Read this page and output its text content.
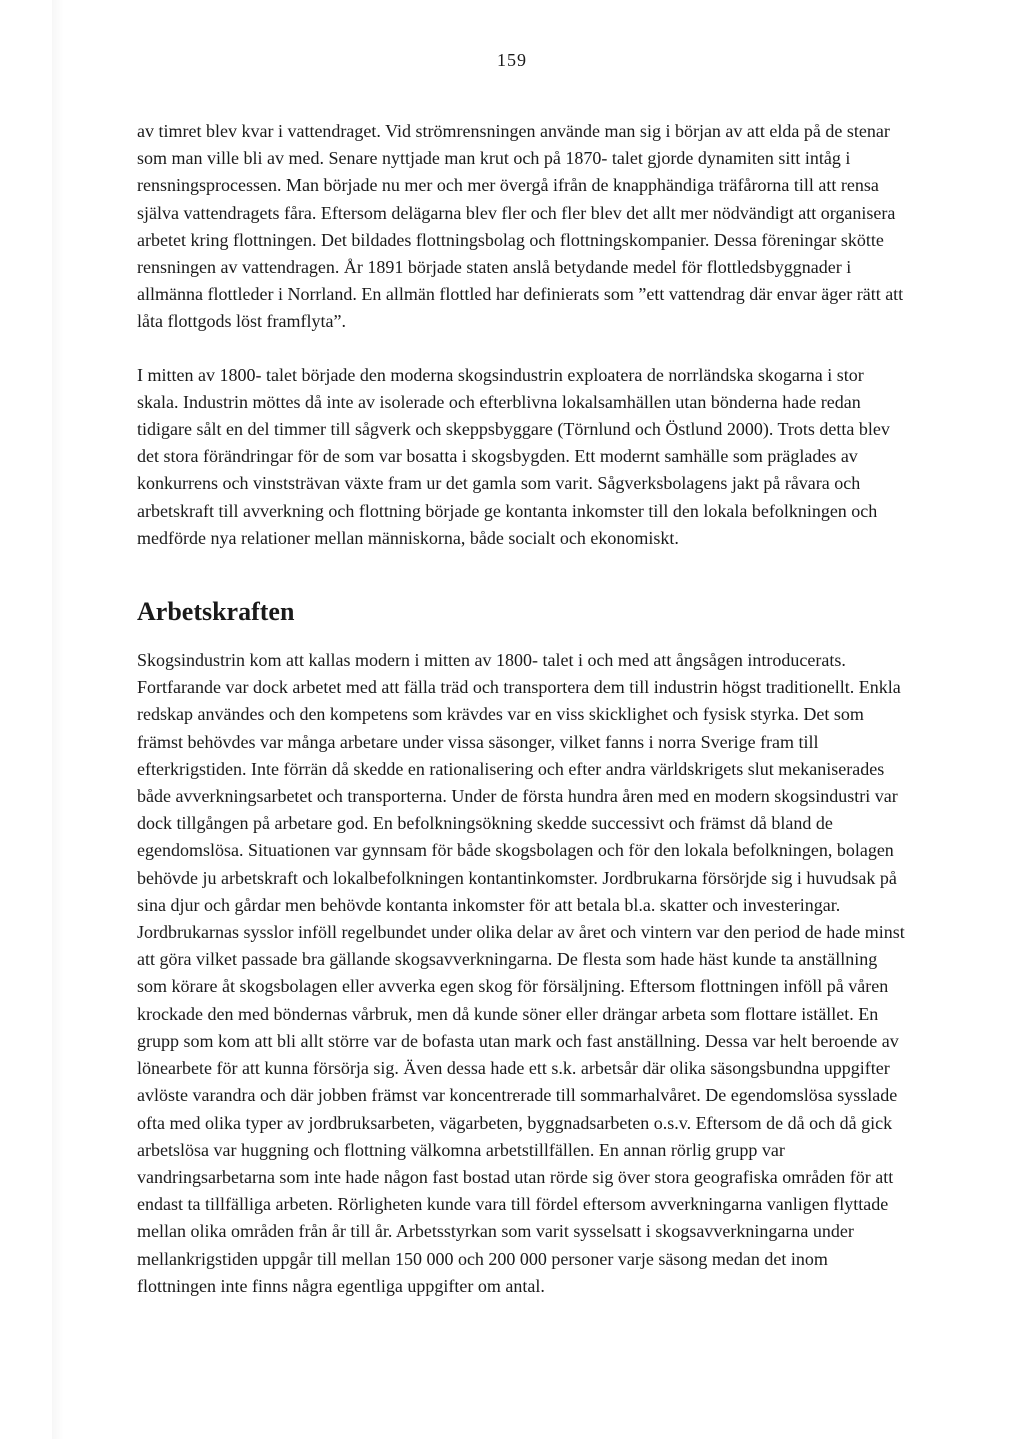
159

av timret blev kvar i vattendraget. Vid strömrensningen använde man sig i början av att elda på de stenar som man ville bli av med. Senare nyttjade man krut och på 1870- talet gjorde dynamiten sitt intåg i rensningsprocessen. Man började nu mer och mer övergå ifrån de knapphändiga träfårorna till att rensa själva vattendragets fåra. Eftersom delägarna blev fler och fler blev det allt mer nödvändigt att organisera arbetet kring flottningen. Det bildades flottningsbolag och flottningskompanier. Dessa föreningar skötte rensningen av vattendragen. År 1891 började staten anslå betydande medel för flottledsbyggnader i allmänna flottleder i Norrland. En allmän flottled har definierats som ”ett vattendrag där envar äger rätt att låta flottgods löst framflyta”.

I mitten av 1800- talet började den moderna skogsindustrin exploatera de norrländska skogarna i stor skala. Industrin möttes då inte av isolerade och efterblivna lokalsamhällen utan bönderna hade redan tidigare sålt en del timmer till sågverk och skeppsbyggare (Törnlund och Östlund 2000). Trots detta blev det stora förändringar för de som var bosatta i skogsbygden. Ett modernt samhälle som präglades av konkurrens och vinststrävan växte fram ur det gamla som varit. Sågverksbolagens jakt på råvara och arbetskraft till avverkning och flottning började ge kontanta inkomster till den lokala befolkningen och medförde nya relationer mellan människorna, både socialt och ekonomiskt.

Arbetskraften

Skogsindustrin kom att kallas modern i mitten av 1800- talet i och med att ångsågen introducerats. Fortfarande var dock arbetet med att fälla träd och transportera dem till industrin högst traditionellt. Enkla redskap användes och den kompetens som krävdes var en viss skicklighet och fysisk styrka. Det som främst behövdes var många arbetare under vissa säsonger, vilket fanns i norra Sverige fram till efterkrigstiden. Inte förrän då skedde en rationalisering och efter andra världskrigets slut mekaniserades både avverkningsarbetet och transporterna. Under de första hundra åren med en modern skogsindustri var dock tillgången på arbetare god. En befolkningsökning skedde successivt och främst då bland de egendomslösa. Situationen var gynnsam för både skogsbolagen och för den lokala befolkningen, bolagen behövde ju arbetskraft och lokalbefolkningen kontantinkomster. Jordbrukarna försörjde sig i huvudsak på sina djur och gårdar men behövde kontanta inkomster för att betala bl.a. skatter och investeringar. Jordbrukarnas sysslor inföll regelbundet under olika delar av året och vintern var den period de hade minst att göra vilket passade bra gällande skogsavverkningarna. De flesta som hade häst kunde ta anställning som körare åt skogsbolagen eller avverka egen skog för försäljning. Eftersom flottningen inföll på våren krockade den med böndernas vårbruk, men då kunde söner eller drängar arbeta som flottare istället. En grupp som kom att bli allt större var de bofasta utan mark och fast anställning. Dessa var helt beroende av lönearbete för att kunna försörja sig. Även dessa hade ett s.k. arbetsår där olika säsongsbundna uppgifter avlöste varandra och där jobben främst var koncentrerade till sommarhalvåret. De egendomslösa sysslade ofta med olika typer av jordbruksarbeten, vägarbeten, byggnadsarbeten o.s.v. Eftersom de då och då gick arbetslösa var huggning och flottning välkomna arbetstillfällen. En annan rörlig grupp var vandringsarbetarna som inte hade någon fast bostad utan rörde sig över stora geografiska områden för att endast ta tillfälliga arbeten. Rörligheten kunde vara till fördel eftersom avverkningarna vanligen flyttade mellan olika områden från år till år. Arbetsstyrkan som varit sysselsatt i skogsavverkningarna under mellankrigstiden uppgår till mellan 150 000 och 200 000 personer varje säsong medan det inom flottningen inte finns några egentliga uppgifter om antal.
